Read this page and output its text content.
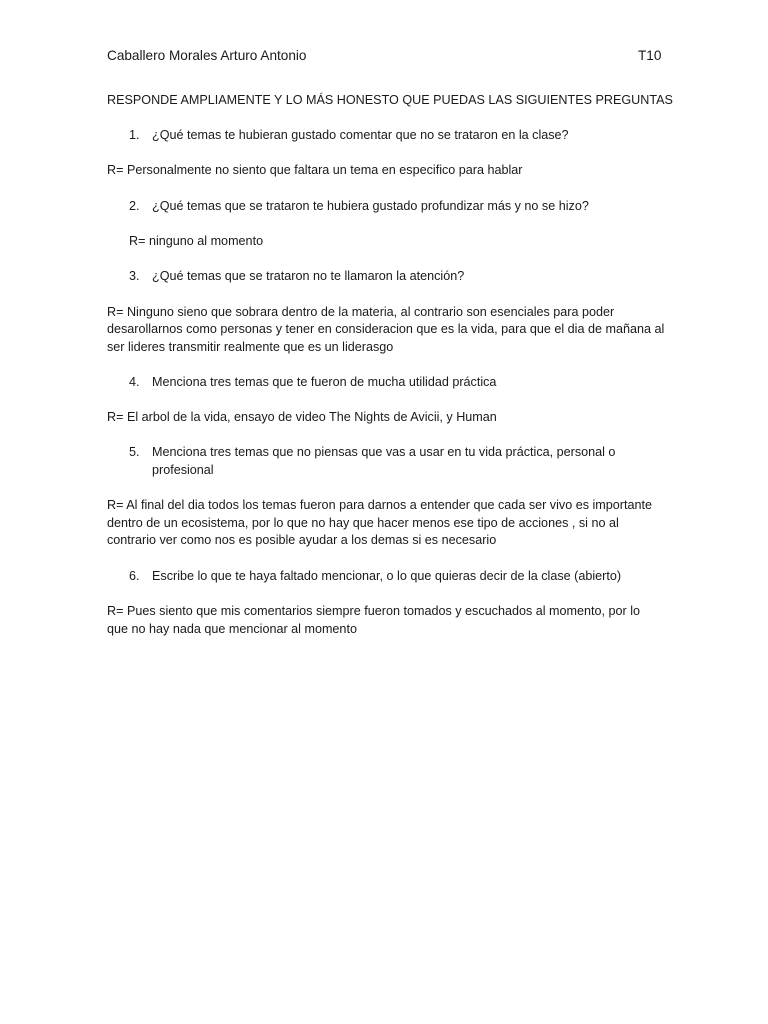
Caballero Morales Arturo Antonio	T10
RESPONDE AMPLIAMENTE Y LO MÁS HONESTO QUE PUEDAS LAS SIGUIENTES PREGUNTAS
1. ¿Qué temas te hubieran gustado comentar que no se trataron en la clase?
R= Personalmente no siento que faltara un tema en especifico para hablar
2. ¿Qué temas que se trataron te hubiera gustado profundizar más y no se hizo?
R= ninguno al momento
3. ¿Qué temas que se trataron no te llamaron la atención?
R= Ninguno sieno que sobrara dentro de la materia, al contrario son esenciales para poder
desarollarnos como personas y tener en consideracion que es la vida, para que el dia de mañana al
ser lideres transmitir realmente que es un liderasgo
4. Menciona tres temas que te fueron de mucha utilidad práctica
R= El arbol de la vida, ensayo de video The Nights de Avicii, y Human
5. Menciona tres temas que no piensas que vas a usar en tu vida práctica, personal o
profesional
R= Al final del dia todos los temas fueron para darnos a entender que cada ser vivo es importante
dentro de un ecosistema, por lo que no hay que hacer menos ese tipo de acciones , si no al
contrario ver como nos es posible ayudar a los demas si es necesario
6. Escribe lo que te haya faltado mencionar, o lo que quieras decir de la clase (abierto)
R= Pues siento que mis comentarios siempre fueron tomados y escuchados al momento, por lo
que no hay nada que mencionar al momento
